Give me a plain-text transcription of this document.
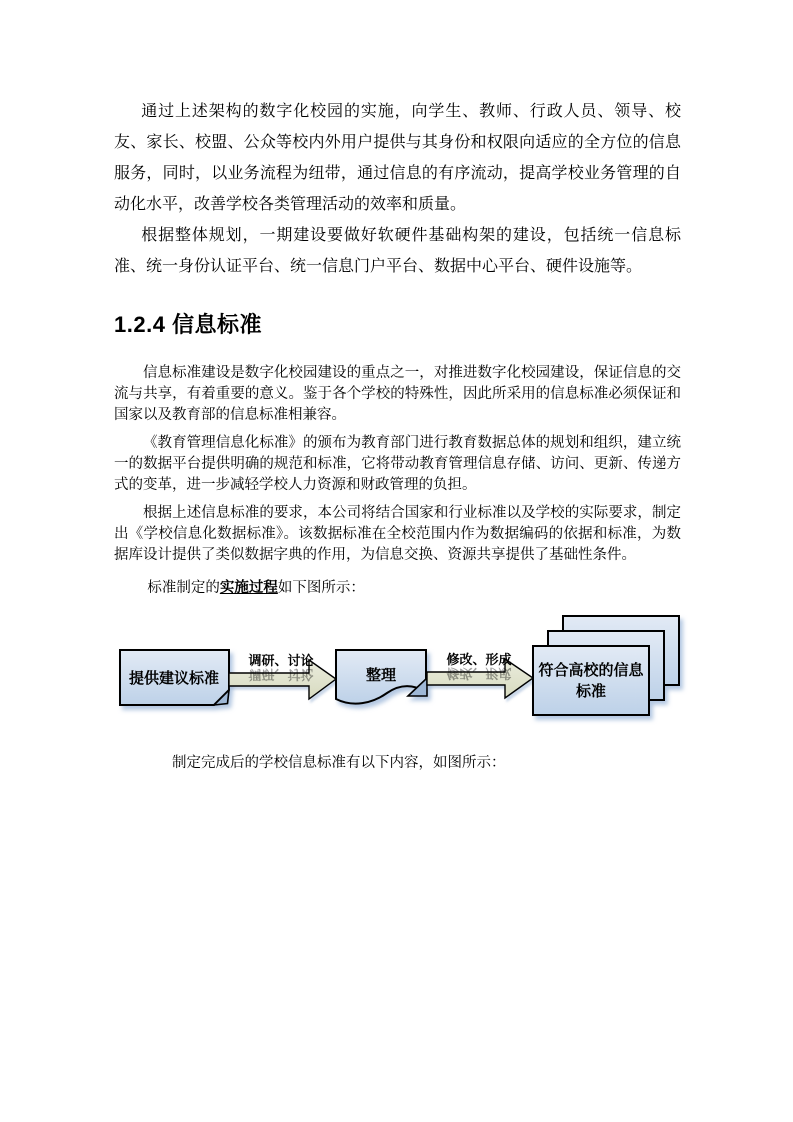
通过上述架构的数字化校园的实施，向学生、教师、行政人员、领导、校友、家长、校盟、公众等校内外用户提供与其身份和权限向适应的全方位的信息服务，同时，以业务流程为纽带，通过信息的有序流动，提高学校业务管理的自动化水平，改善学校各类管理活动的效率和质量。

根据整体规划，一期建设要做好软硬件基础构架的建设，包括统一信息标准、统一身份认证平台、统一信息门户平台、数据中心平台、硬件设施等。

1.2.4 信息标准

信息标准建设是数字化校园建设的重点之一，对推进数字化校园建设，保证信息的交流与共享，有着重要的意义。鉴于各个学校的特殊性，因此所采用的信息标准必须保证和国家以及教育部的信息标准相兼容。

《教育管理信息化标准》的颁布为教育部门进行教育数据总体的规划和组织，建立统一的数据平台提供明确的规范和标准，它将带动教育管理信息存储、访问、更新、传递方式的变革，进一步减轻学校人力资源和财政管理的负担。

根据上述信息标准的要求，本公司将结合国家和行业标准以及学校的实际要求，制定出《学校信息化数据标准》。该数据标准在全校范围内作为数据编码的依据和标准，为数据库设计提供了类似数据字典的作用，为信息交换、资源共享提供了基础性条件。

标准制定的实施过程如下图所示：

提供建议标准 调研、讨论
调研、讨论
整理	修改、形成
修改、形成
符合高校的信息
标准

制定完成后的学校信息标准有以下内容，如图所示：
